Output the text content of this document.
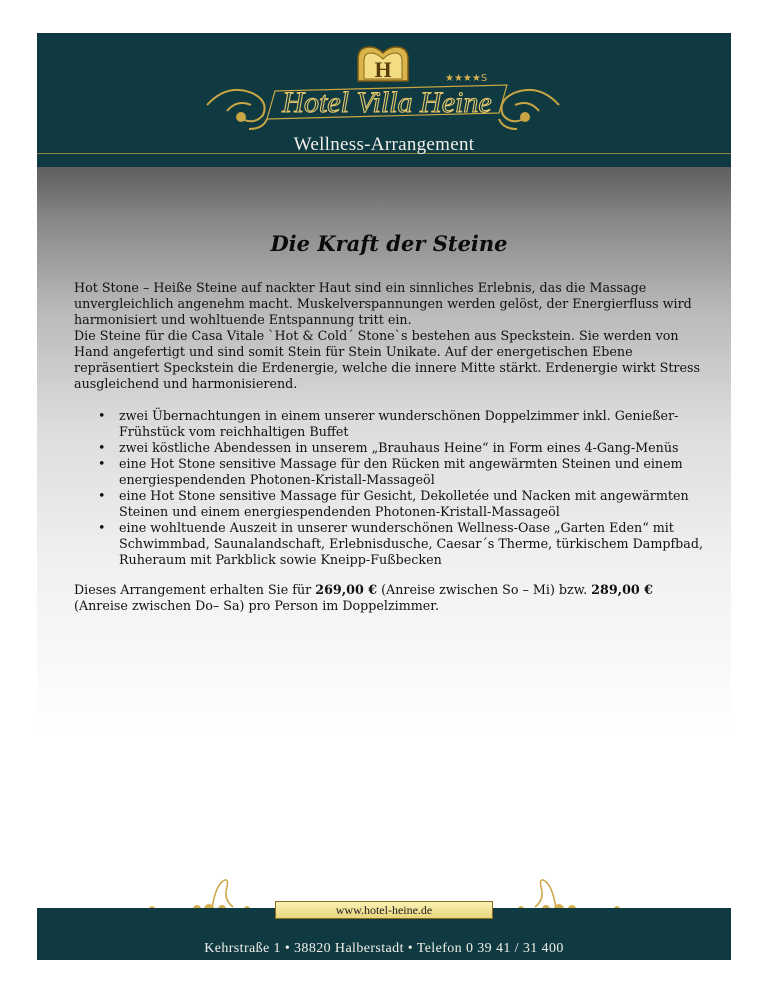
H	★★★★S
Hotel Villa Heine
Wellness-Arrangement
Kehrstraße 1 • 38820 Halberstadt • Telefon 0 39 41 / 31 400
www.hotel-heine.de
Die Kraft der Steine

Hot Stone – Heiße Steine auf nackter Haut sind ein sinnliches Erlebnis, das die Massage unvergleichlich angenehm macht. Muskelverspannungen werden gelöst, der Energierfluss wird harmonisiert und wohltuende Entspannung tritt ein.

Die Steine für die Casa Vitale `Hot & Cold´ Stone`s bestehen aus Speckstein. Sie werden von Hand angefertigt und sind somit Stein für Stein Unikate. Auf der energetischen Ebene repräsentiert Speckstein die Erdenergie, welche die innere Mitte stärkt. Erdenergie wirkt Stress ausgleichend und harmonisierend.

• zwei Übernachtungen in einem unserer wunderschönen Doppelzimmer inkl. Genießer-Frühstück vom reichhaltigen Buffet
• zwei köstliche Abendessen in unserem „Brauhaus Heine“ in Form eines 4-Gang-Menüs
• eine Hot Stone sensitive Massage für den Rücken mit angewärmten Steinen und einem energiespendenden Photonen-Kristall-Massageöl
• eine Hot Stone sensitive Massage für Gesicht, Dekolletée und Nacken mit angewärmten Steinen und einem energiespendenden Photonen-Kristall-Massageöl
• eine wohltuende Auszeit in unserer wunderschönen Wellness-Oase „Garten Eden“ mit Schwimmbad, Saunalandschaft, Erlebnisdusche, Caesar´s Therme, türkischem Dampfbad, Ruheraum mit Parkblick sowie Kneipp-Fußbecken

Dieses Arrangement erhalten Sie für 269,00 € (Anreise zwischen So – Mi) bzw. 289,00 € (Anreise zwischen Do– Sa) pro Person im Doppelzimmer.
